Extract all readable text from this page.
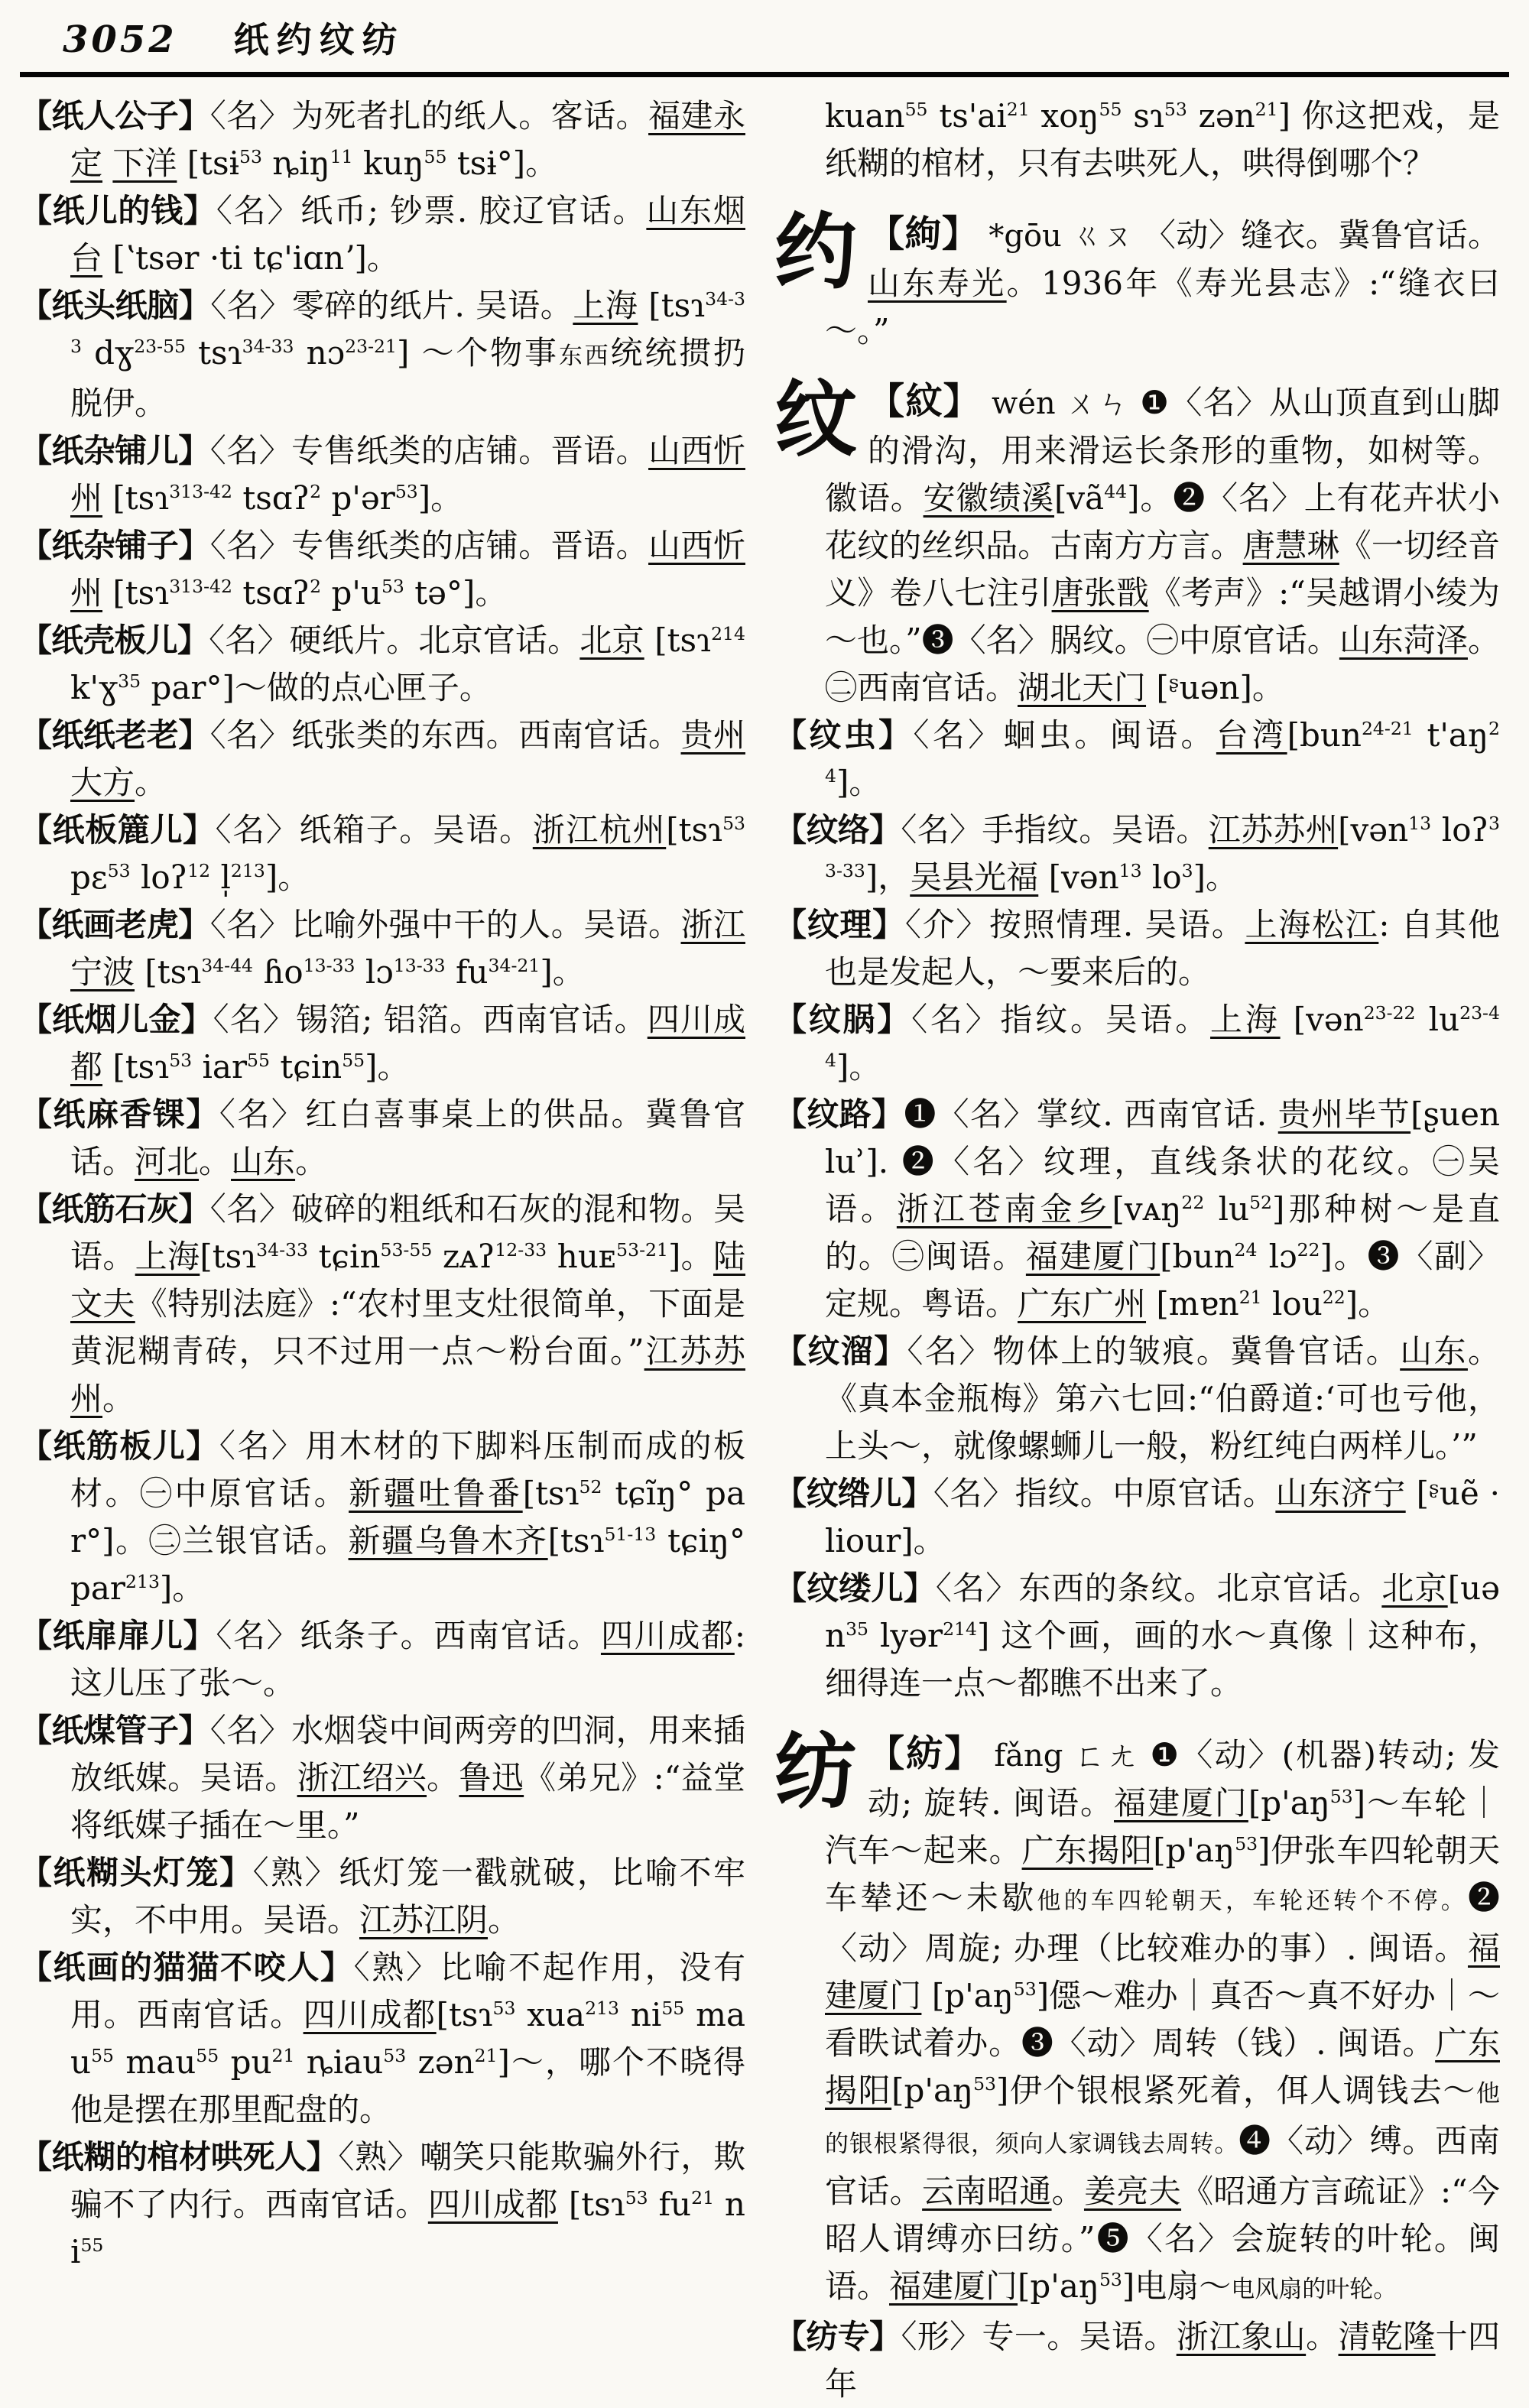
3052 纸约纹纺

【纸人公子】〈名〉为死者扎的纸人。客话。福建永定 下洋 [tsɨ$^{53}$ ȵiŋ$^{11}$ kuŋ$^{55}$ tsɨ°]。

【纸儿的钱】〈名〉纸币; 钞票. 胶辽官话。山东烟台 [ʽtsər ·ti tɕ'iɑnʼ]。

【纸头纸脑】〈名〉零碎的纸片. 吴语。上海 [tsɿ$^{34-33}$ dɣ$^{23-55}$ tsɿ$^{34-33}$ nɔ$^{23-21}$] ～个物事东西统统掼扔脱伊。

【纸杂铺儿】〈名〉专售纸类的店铺。晋语。山西忻州 [tsɿ$^{313-42}$ tsɑʔ$^2$ p'ər$^{53}$]。

【纸杂铺子】〈名〉专售纸类的店铺。晋语。山西忻州 [tsɿ$^{313-42}$ tsɑʔ$^2$ $p'u^{53}$ tə°]。

【纸壳板儿】〈名〉硬纸片。北京官话。北京 [tsɿ$^{214}$ k'ɣ$^{35}$ par°]～做的点心匣子。

【纸纸老老】〈名〉纸张类的东西。西南官话。贵州大方。

【纸板簏儿】〈名〉纸箱子。吴语。浙江杭州[tsɿ$^{53}$ pɛ$^{53}$ loʔ$^{12}$ l̩$^{213}$]。

【纸画老虎】〈名〉比喻外强中干的人。吴语。浙江宁波 [tsɿ$^{34-44}$ ɦo$^{13-33}$ lɔ$^{13-33}$ $fu^{34-21}$]。

【纸烟儿金】〈名〉锡箔; 铝箔。西南官话。四川成都 [tsɿ$^{53}$ iar$^{55}$ tɕin$^{55}$]。

【纸麻香锞】〈名〉红白喜事桌上的供品。冀鲁官话。河北。山东。

【纸筋石灰】〈名〉破碎的粗纸和石灰的混和物。吴语。上海[tsɿ$^{34-33}$ tɕin$^{53-55}$ zᴀʔ$^{12-33}$ huᴇ$^{53-21}$]。陆文夫《特别法庭》:“农村里支灶很简单，下面是黄泥糊青砖，只不过用一点～粉台面。”江苏苏州。

【纸筋板儿】〈名〉用木材的下脚料压制而成的板材。㊀中原官话。新疆吐鲁番[tsɿ$^{52}$ tɕĩŋ° par°]。㊁兰银官话。新疆乌鲁木齐[tsɿ$^{51-13}$ tɕiŋ° par$^{213}$]。

【纸扉扉儿】〈名〉纸条子。西南官话。四川成都: 这儿压了张～。

【纸煤管子】〈名〉水烟袋中间两旁的凹洞，用来插放纸媒。吴语。浙江绍兴。鲁迅《弟兄》:“益堂将纸媒子插在～里。”

【纸糊头灯笼】〈熟〉纸灯笼一戳就破，比喻不牢实，不中用。吴语。江苏江阴。

【纸画的猫猫不咬人】〈熟〉比喻不起作用，没有用。西南官话。四川成都[tsɿ$^{53}$ xua$^{213}$ $ni^{55}$ mau$^{55}$ mau$^{55}$ $pu^{21}$ ȵiau$^{53}$ zən$^{21}$]～，哪个不晓得他是摆在那里配盘的。

【纸糊的棺材哄死人】〈熟〉嘲笑只能欺骗外行，欺骗不了内行。西南官话。四川成都 [tsɿ$^{53}$ $fu^{21}$ $ni^{55}$

kuan$^{55}$ $ts'ai^{21}$ xoŋ$^{55}$ sɿ$^{53}$ zən$^{21}$] 你这把戏，是纸糊的棺材，只有去哄死人，哄得倒哪个？

约 【絇】 *gōu ㄍㄡ 〈动〉缝衣。冀鲁官话。山东寿光。1936年《寿光县志》:“缝衣曰～。”

纹 【紋】 wén ㄨㄣ ❶〈名〉从山顶直到山脚的滑沟，用来滑运长条形的重物，如树等。徽语。安徽绩溪$[vã^{44}]$。❷〈名〉上有花卉状小花纹的丝织品。古南方方言。唐慧琳《一切经音义》卷八七注引唐张戬《考声》:“吴越谓小绫为～也。”❸〈名〉脶纹。㊀中原官话。山东菏泽。㊁西南官话。湖北天门 [ᶳuən]。

【纹虫】〈名〉蛔虫。闽语。台湾[bun$^{24-21}$ $t'aŋ^{24}$]。

【纹络】〈名〉手指纹。吴语。江苏苏州[vən$^{13}$ loʔ$^{33-33}$]，吴县光福 [vən$^{13}$ $lo^3$]。

【纹理】〈介〉按照情理. 吴语。上海松江: 自其他也是发起人，～要来后的。

【纹脶】〈名〉指纹。吴语。上海 [vən$^{23-22}$ $lu^{23-44}$]。

【纹路】❶〈名〉掌纹. 西南官话. 贵州毕节[ʂuen luʾ]. ❷〈名〉纹理，直线条状的花纹。㊀吴语。浙江苍南金乡[vᴀŋ$^{22}$ $lu^{52}$]那种树～是直的。㊁闽语。福建厦门[bun$^{24}$ lɔ$^{22}$]。❸〈副〉定规。粤语。广东广州 [mɐn$^{21}$ lou$^{22}$]。

【纹溜】〈名〉物体上的皱痕。冀鲁官话。山东。《真本金瓶梅》第六七回:“伯爵道:‘可也亏他，上头～，就像螺蛳儿一般，粉红纯白两样儿。’”

【纹绺儿】〈名〉指纹。中原官话。山东济宁 [ᶳuẽ ·liour]。

【纹缕儿】〈名〉东西的条纹。北京官话。北京[uən$^{35}$ lyər$^{214}$] 这个画，画的水～真像｜这种布，细得连一点～都瞧不出来了。

纺 【紡】 fǎng ㄈㄤ ❶〈动〉(机器)转动; 发动; 旋转. 闽语。福建厦门$[p'aŋ^{53}]\sim$车轮｜汽车～起来。广东揭阳$[p'aŋ^{53}]$伊张车四轮朝天 车辇还～未歇他的车四轮朝天，车轮还转个不停。❷〈动〉周旋; 办理（比较难办的事）. 闽语。福建厦门 $[p'aŋ^{53}]$僫～难办｜真否～真不好办｜～看眣试着办。❸〈动〉周转（钱）. 闽语。广东揭阳$[p'aŋ^{53}]$伊个银根紧死着，佴人调钱去～他的银根紧得很，须向人家调钱去周转。❹〈动〉缚。西南官话。云南昭通。姜亮夫《昭通方言疏证》:“今昭人谓缚亦曰纺。”❺〈名〉会旋转的叶轮。闽语。福建厦门$[p'aŋ^{53}]$电扇～电风扇的叶轮。

【纺专】〈形〉专一。吴语。浙江象山。清乾隆十四年
